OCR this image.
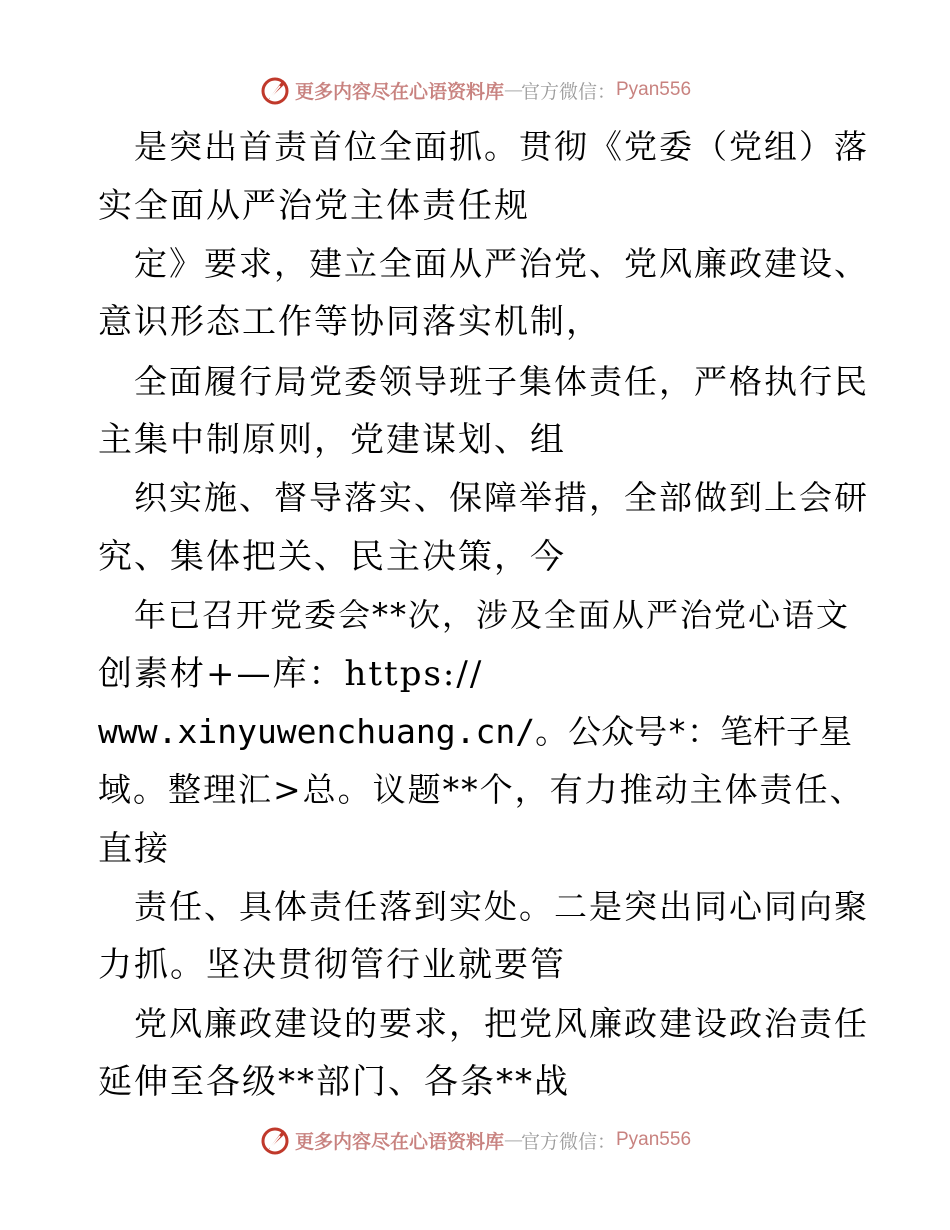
更多内容尽在心语资料库 — 官方微信： Pyan556
是突出首责首位全面抓。贯彻《党委（党组）落
实全面从严治党主体责任规
定》要求，建立全面从严治党、党风廉政建设、
意识形态工作等协同落实机制，
全面履行局党委领导班子集体责任，严格执行民
主集中制原则，党建谋划、组
织实施、督导落实、保障举措，全部做到上会研
究、集体把关、民主决策，今
年已召开党委会**次，涉及全面从严治党心语文
创素材+—库：https://
www.xinyuwenchuang.cn/。公众号*：笔杆子星
域。整理汇>总。议题**个，有力推动主体责任、
直接
责任、具体责任落到实处。二是突出同心同向聚
力抓。坚决贯彻管行业就要管
党风廉政建设的要求，把党风廉政建设政治责任
延伸至各级**部门、各条**战
更多内容尽在心语资料库 — 官方微信： Pyan556
